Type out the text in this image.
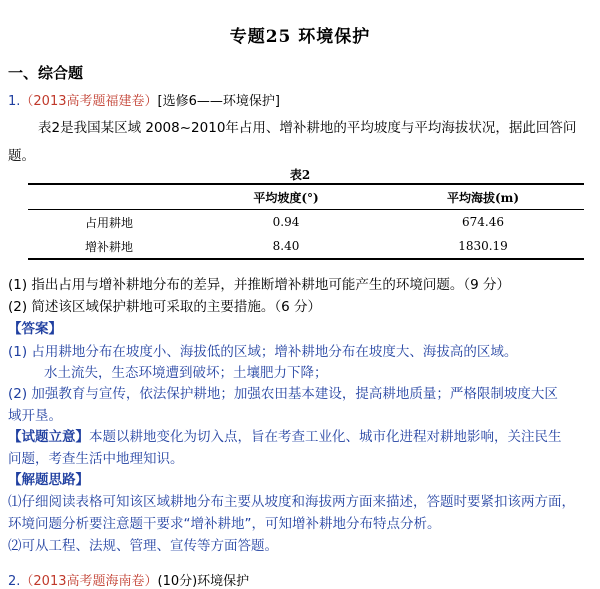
专题25 环境保护
一、综合题
1.（2013高考题福建卷）[选修6——环境保护]
表2是我国某区域 2008~2010年占用、增补耕地的平均坡度与平均海拔状况，据此回答问
题。
表2
	平均坡度(°)	平均海拔(m)
占用耕地	0.94	674.46
增补耕地	8.40	1830.19
(1) 指出占用与增补耕地分布的差异，并推断增补耕地可能产生的环境问题。（9 分）
(2) 简述该区域保护耕地可采取的主要措施。（6 分）
【答案】
(1) 占用耕地分布在坡度小、海拔低的区域；增补耕地分布在坡度大、海拔高的区域。
水土流失，生态环境遭到破坏；土壤肥力下降；
(2) 加强教育与宣传，依法保护耕地；加强农田基本建设，提高耕地质量；严格限制坡度大区
域开垦。
【试题立意】本题以耕地变化为切入点，旨在考查工业化、城市化进程对耕地影响，关注民生
问题，考查生活中地理知识。
【解题思路】
⑴仔细阅读表格可知该区域耕地分布主要从坡度和海拔两方面来描述，答题时要紧扣该两方面，
环境问题分析要注意题干要求“增补耕地”，可知增补耕地分布特点分析。
⑵可从工程、法规、管理、宣传等方面答题。
2.（2013高考题海南卷）(10分)环境保护
